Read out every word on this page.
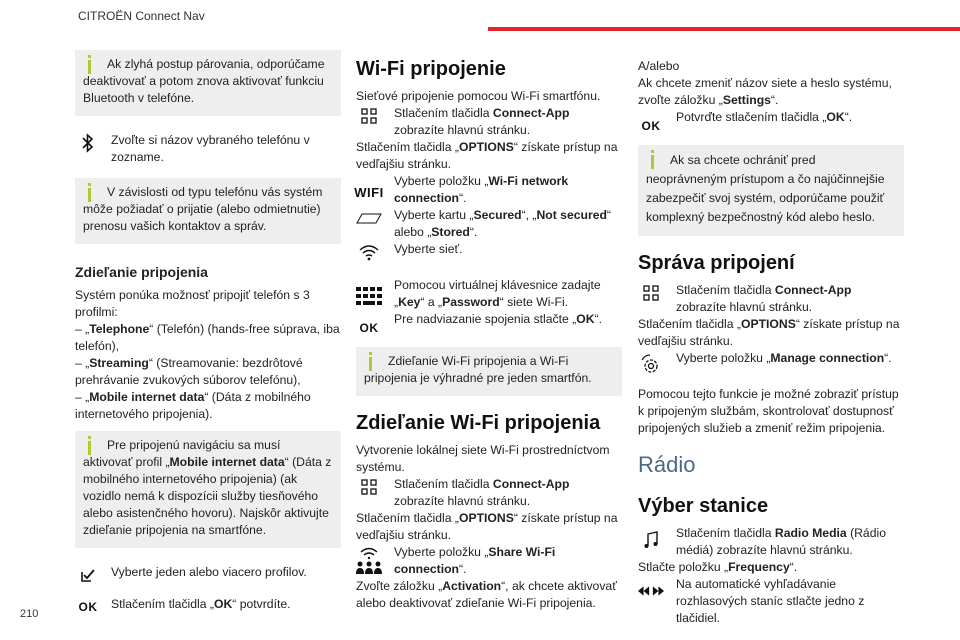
CITROËN Connect Nav
210

Ak zlyhá postup párovania, odporúčame deaktivovať a potom znova aktivovať funkciu Bluetooth v telefóne.

Zvoľte si názov vybraného telefónu v zozname.

V závislosti od typu telefónu vás systém môže požiadať o prijatie (alebo odmietnutie) prenosu vašich kontaktov a správ.

Zdieľanie pripojenia
Systém ponúka možnosť pripojiť telefón s 3 profilmi:
– „Telephone“ (Telefón) (hands-free súprava, iba telefón),
– „Streaming“ (Streamovanie: bezdrôtové prehrávanie zvukových súborov telefónu),
– „Mobile internet data“ (Dáta z mobilného internetového pripojenia).

Pre pripojenú navigáciu sa musí aktivovať profil „Mobile internet data“ (Dáta z mobilného internetového pripojenia) (ak vozidlo nemá k dispozícii služby tiesňového alebo asistenčného hovoru). Najskôr aktivujte zdieľanie pripojenia na smartfóne.

Vyberte jeden alebo viacero profilov.
OK Stlačením tlačidla „OK“ potvrdíte.
Wi-Fi pripojenie
Sieťové pripojenie pomocou Wi-Fi smartfónu.
Stlačením tlačidla Connect-App zobrazíte hlavnú stránku.
Stlačením tlačidla „OPTIONS“ získate prístup na vedľajšiu stránku.
WIFI
Vyberte položku „Wi-Fi network connection“.
Vyberte kartu „Secured“, „Not secured“ alebo „Stored“.
Vyberte sieť.
Pomocou virtuálnej klávesnice zadajte „Key“ a „Password“ siete Wi-Fi.
OK
Pre nadviazanie spojenia stlačte „OK“.

Zdieľanie Wi-Fi pripojenia a Wi-Fi pripojenia je výhradné pre jeden smartfón.

Zdieľanie Wi-Fi pripojenia
Vytvorenie lokálnej siete Wi-Fi prostredníctvom systému.
Stlačením tlačidla Connect-App zobrazíte hlavnú stránku.
Stlačením tlačidla „OPTIONS“ získate prístup na vedľajšiu stránku.
Vyberte položku „Share Wi-Fi connection“.
Zvoľte záložku „Activation“, ak chcete aktivovať alebo deaktivovať zdieľanie Wi-Fi pripojenia.
A/alebo
Ak chcete zmeniť názov siete a heslo systému, zvoľte záložku „Settings“.
OK
Potvrďte stlačením tlačidla „OK“.

Ak sa chcete ochrániť pred neoprávneným prístupom a čo najúčinnejšie zabezpečiť svoj systém, odporúčame použiť komplexný bezpečnostný kód alebo heslo.

Správa pripojení
Stlačením tlačidla Connect-App zobrazíte hlavnú stránku.
Stlačením tlačidla „OPTIONS“ získate prístup na vedľajšiu stránku.
Vyberte položku „Manage connection“.
Pomocou tejto funkcie je možné zobraziť prístup k pripojeným službám, skontrolovať dostupnosť pripojených služieb a zmeniť režim pripojenia.
Rádio
Výber stanice
Stlačením tlačidla Radio Media (Rádio médiá) zobrazíte hlavnú stránku.
Stlačte položku „Frequency“.
Na automatické vyhľadávanie rozhlasových staníc stlačte jedno z tlačidiel.
